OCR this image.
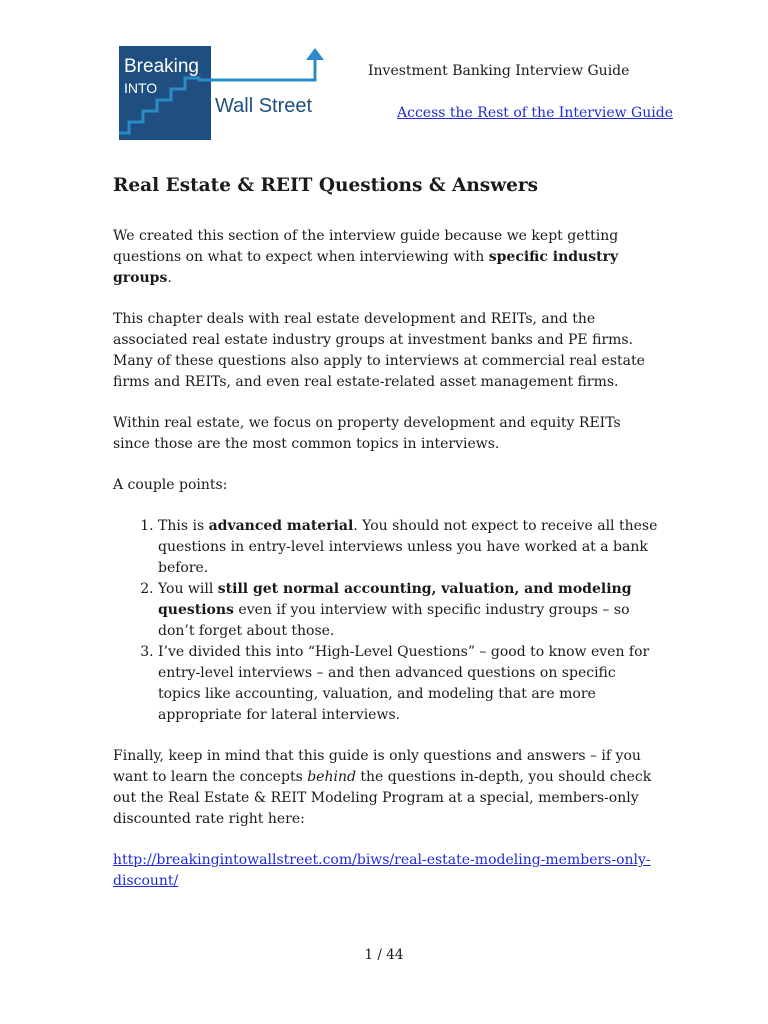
Breaking
INTO
Wall Street
Investment Banking Interview Guide
Access the Rest of the Interview Guide
Real Estate & REIT Questions & Answers

We created this section of the interview guide because we kept getting questions on what to expect when interviewing with specific industry groups.

This chapter deals with real estate development and REITs, and the associated real estate industry groups at investment banks and PE firms. Many of these questions also apply to interviews at commercial real estate firms and REITs, and even real estate-related asset management firms.

Within real estate, we focus on property development and equity REITs since those are the most common topics in interviews.

A couple points:

1. This is advanced material. You should not expect to receive all these questions in entry-level interviews unless you have worked at a bank before.
2. You will still get normal accounting, valuation, and modeling questions even if you interview with specific industry groups – so don’t forget about those.
3. I’ve divided this into “High-Level Questions” – good to know even for entry-level interviews – and then advanced questions on specific topics like accounting, valuation, and modeling that are more appropriate for lateral interviews.

Finally, keep in mind that this guide is only questions and answers – if you want to learn the concepts behind the questions in-depth, you should check out the Real Estate & REIT Modeling Program at a special, members-only discounted rate right here:

http://breakingintowallstreet.com/biws/real-estate-modeling-members-only-discount/

1 / 44
